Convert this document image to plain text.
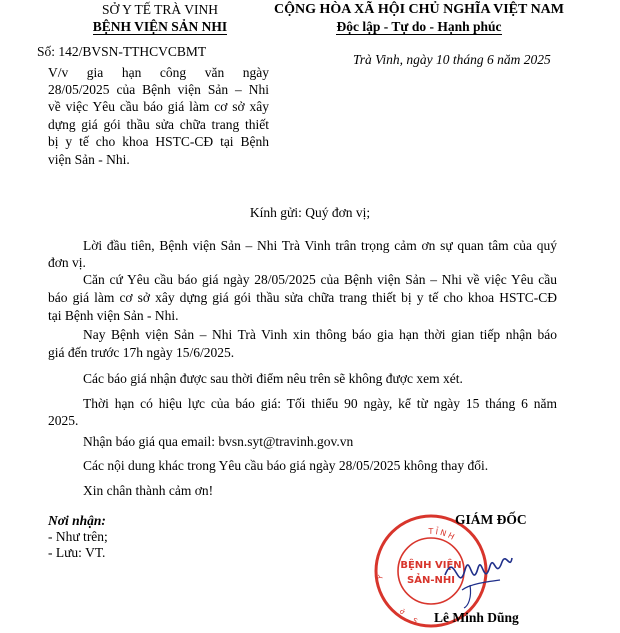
SỞ Y TẾ TRÀ VINH
BỆNH VIỆN SẢN NHI
Số: 142/BVSN-TTHCVCBMT
V/v gia hạn công văn ngày
28/05/2025 của Bệnh viện Sản – Nhi
về việc Yêu cầu báo giá làm cơ sở xây
dựng giá gói thầu sửa chữa trang thiết
bị y tế cho khoa HSTC-CĐ tại Bệnh
viện Sản - Nhi.
CỘNG HÒA XÃ HỘI CHỦ NGHĨA VIỆT NAM
Độc lập - Tự do - Hạnh phúc
Trà Vinh, ngày 10 tháng 6 năm 2025
Kính gửi: Quý đơn vị;
Lời đầu tiên, Bệnh viện Sản – Nhi Trà Vinh trân trọng cảm ơn sự quan tâm của quý
đơn vị.
Căn cứ Yêu cầu báo giá ngày 28/05/2025 của Bệnh viện Sản – Nhi về việc Yêu cầu
báo giá làm cơ sở xây dựng giá gói thầu sửa chữa trang thiết bị y tế cho khoa HSTC-CĐ
tại Bệnh viện Sản - Nhi.
Nay Bệnh viện Sản – Nhi Trà Vinh xin thông báo gia hạn thời gian tiếp nhận báo
giá đến trước 17h ngày 15/6/2025.
Các báo giá nhận được sau thời điểm nêu trên sẽ không được xem xét.
Thời hạn có hiệu lực của báo giá: Tối thiểu 90 ngày, kể từ ngày 15 tháng 6 năm
2025.
Nhận báo giá qua email: bvsn.syt@travinh.gov.vn
Các nội dung khác trong Yêu cầu báo giá ngày 28/05/2025 không thay đổi.
Xin chân thành cảm ơn!
Nơi nhận:
- Như trên;
- Lưu: VT.
TỈNH
BỆNH VIỆN
SẢN-NHI
Y
ở
S
GIÁM ĐỐC
Lê Minh Dũng
